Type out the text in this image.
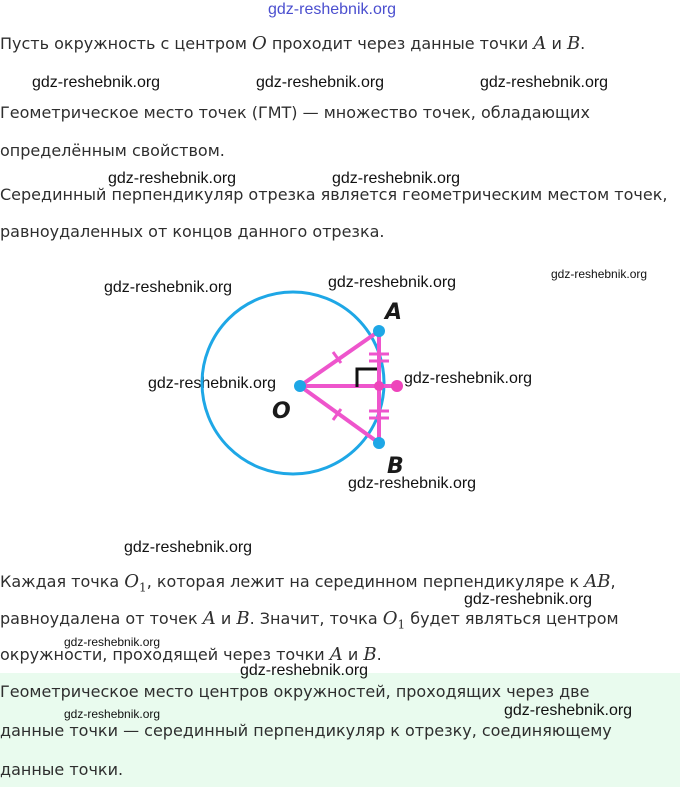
gdz-reshebnik.org
gdz-reshebnik.org	gdz-reshebnik.org	gdz-reshebnik.org
gdz-reshebnik.org	gdz-reshebnik.org
gdz-reshebnik.org
gdz-reshebnik.org	gdz-reshebnik.org
gdz-reshebnik.org	gdz-reshebnik.org
gdz-reshebnik.org
gdz-reshebnik.org
gdz-reshebnik.org
gdz-reshebnik.org

Пусть окружность с центром O проходит через данные точки A и B.

Геометрическое место точек (ГМТ) — множество точек, обладающих

определённым свойством.

Серединный перпендикуляр отрезка является геометрическим местом точек,

равноудаленных от концов данного отрезка.

A
B
O

Каждая точка $O_1$, которая лежит на серединном перпендикуляре к AB,

равноудалена от точек A и B. Значит, точка $O_1$ будет являться центром

окружности, проходящей через точки A и B.

Геометрическое место центров окружностей, проходящих через две

данные точки — серединный перпендикуляр к отрезку, соединяющему

данные точки.

gdz-reshebnik.org
gdz-reshebnik.org	gdz-reshebnik.org
